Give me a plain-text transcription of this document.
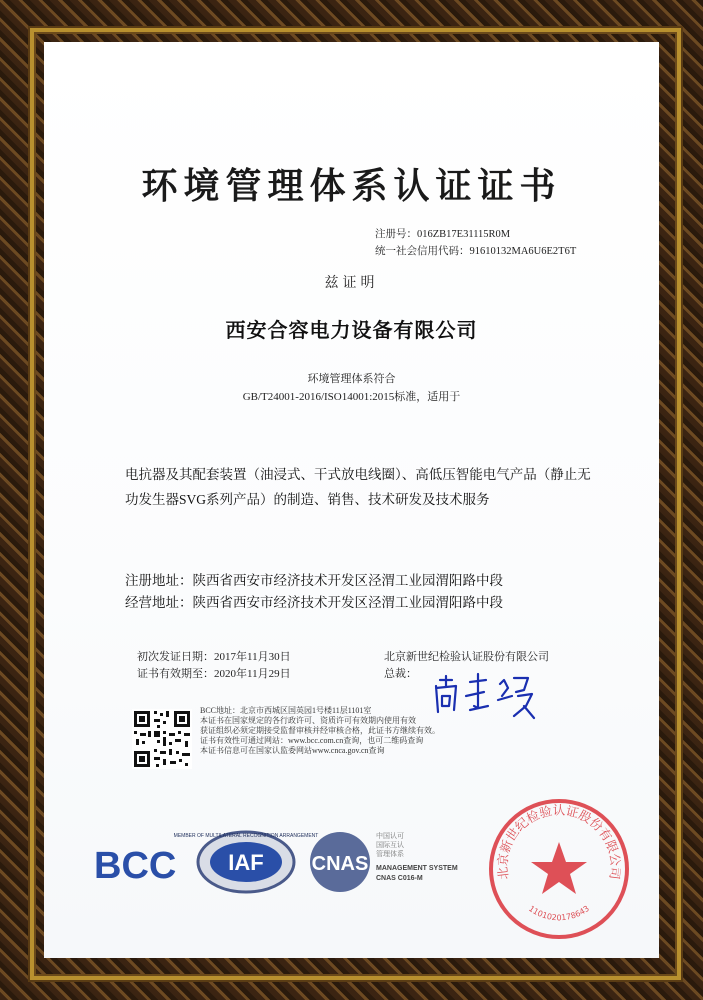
环境管理体系认证证书
注册号：016ZB17E31115R0M
统一社会信用代码：91610132MA6U6E2T6T
兹证明
西安合容电力设备有限公司
环境管理体系符合
GB/T24001-2016/ISO14001:2015标准，适用于
电抗器及其配套装置（油浸式、干式放电线圈）、高低压智能电气产品（静止无功发生器SVG系列产品）的制造、销售、技术研发及技术服务
注册地址：陕西省西安市经济技术开发区泾渭工业园渭阳路中段
经营地址：陕西省西安市经济技术开发区泾渭工业园渭阳路中段
初次发证日期：2017年11月30日
证书有效期至：2020年11月29日
北京新世纪检验认证股份有限公司
总裁：
BCC地址：北京市西城区国英园1号楼11层1101室
本证书在国家规定的各行政许可、资质许可有效期内使用有效
获证组织必须定期接受监督审核并经审核合格，此证书方继续有效。
证书有效性可通过网站：www.bcc.com.cn查询，也可二维码查询
本证书信息可在国家认监委网站www.cnca.gov.cn查询
BCC IAF
MEMBER OF MULTILATERAL RECOGNITION ARRANGEMENT
CNAS
中国认可
国际互认
管理体系
MANAGEMENT SYSTEM
CNAS C016-M	北京新世纪检验认证股份有限公司
1101020178643
